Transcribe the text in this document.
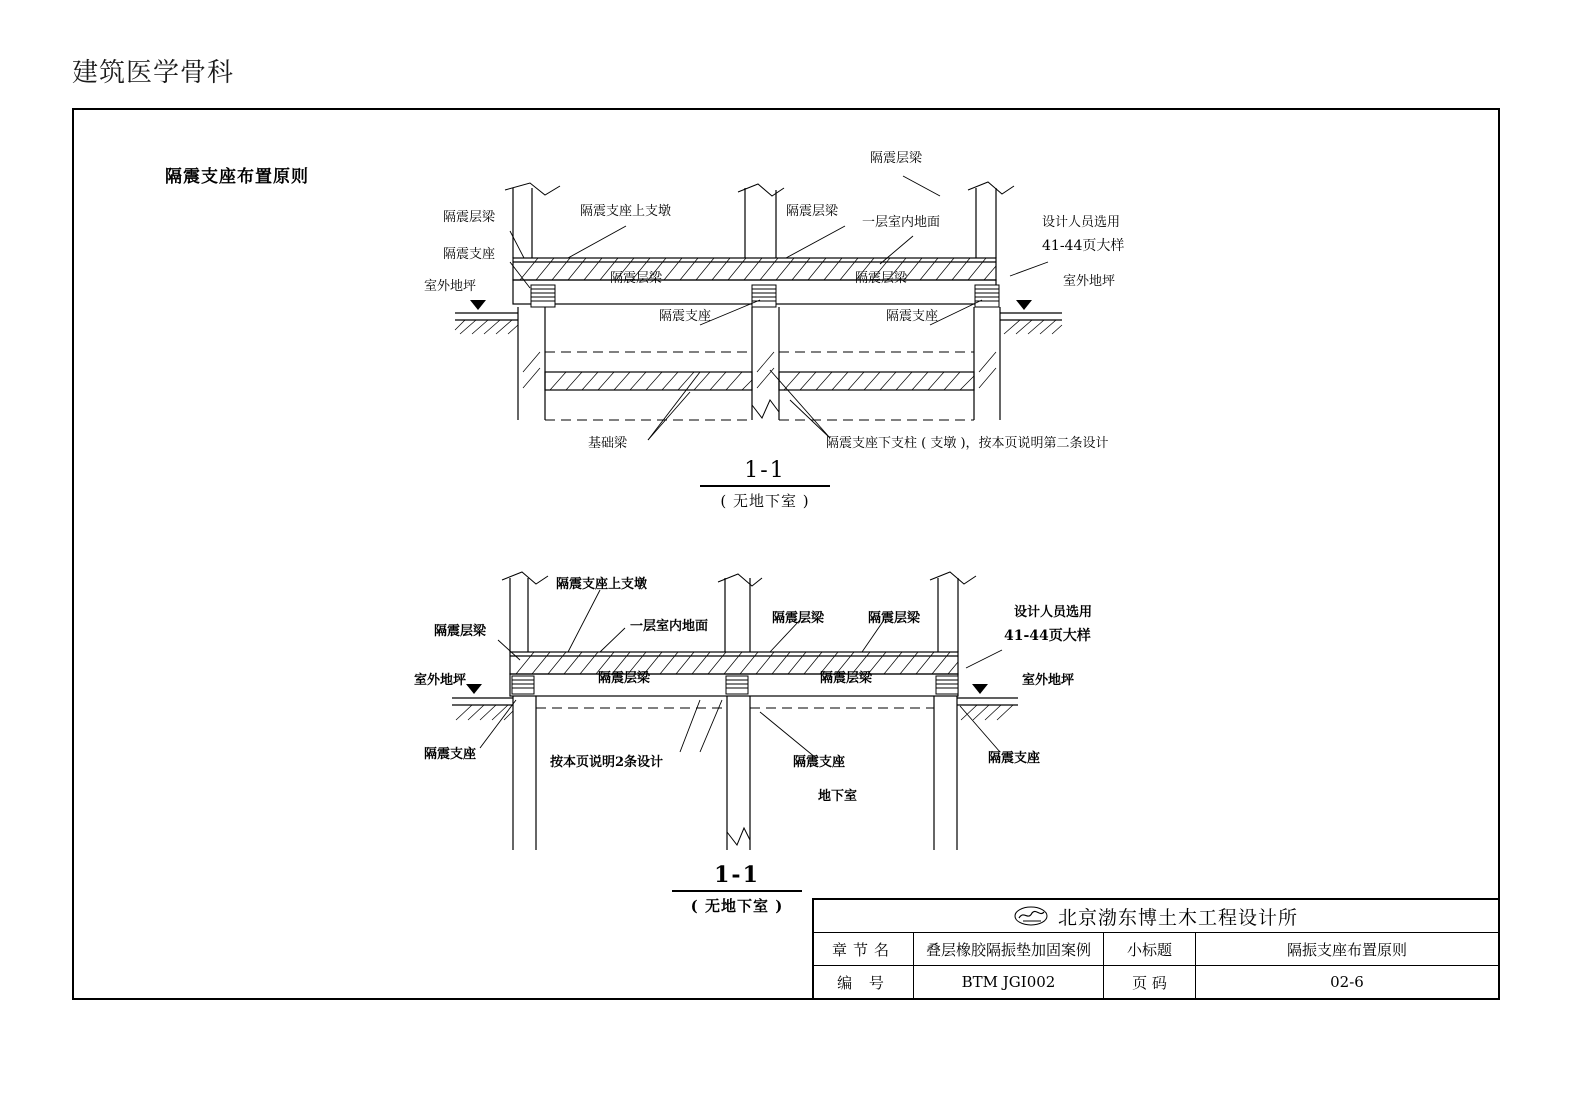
建筑医学骨科
隔震支座布置原则
隔震层梁
隔震层梁	隔震支座上支墩	隔震层梁
一层室内地面	设计人员选用
41-44页大样
隔震支座
室外地坪	室外地坪
隔震层梁	隔震层梁
隔震支座	隔震支座
基础梁	隔震支座下支柱 ( 支墩 )，按本页说明第二条设计
1-1
( 无地下室 )
隔震支座上支墩
一层室内地面
隔震层梁	隔震层梁	设计人员选用
41-44页大样
隔震层梁
室外地坪	室外地坪
隔震层梁	隔震层梁
隔震支座	隔震支座
隔震支座
按本页说明2条设计
地下室
1-1
( 无地下室 )
北京渤东博土木工程设计所
章节名	叠层橡胶隔振垫加固案例	小标题	隔振支座布置原则
编 号	BTM JGI002	页 码	02-6
